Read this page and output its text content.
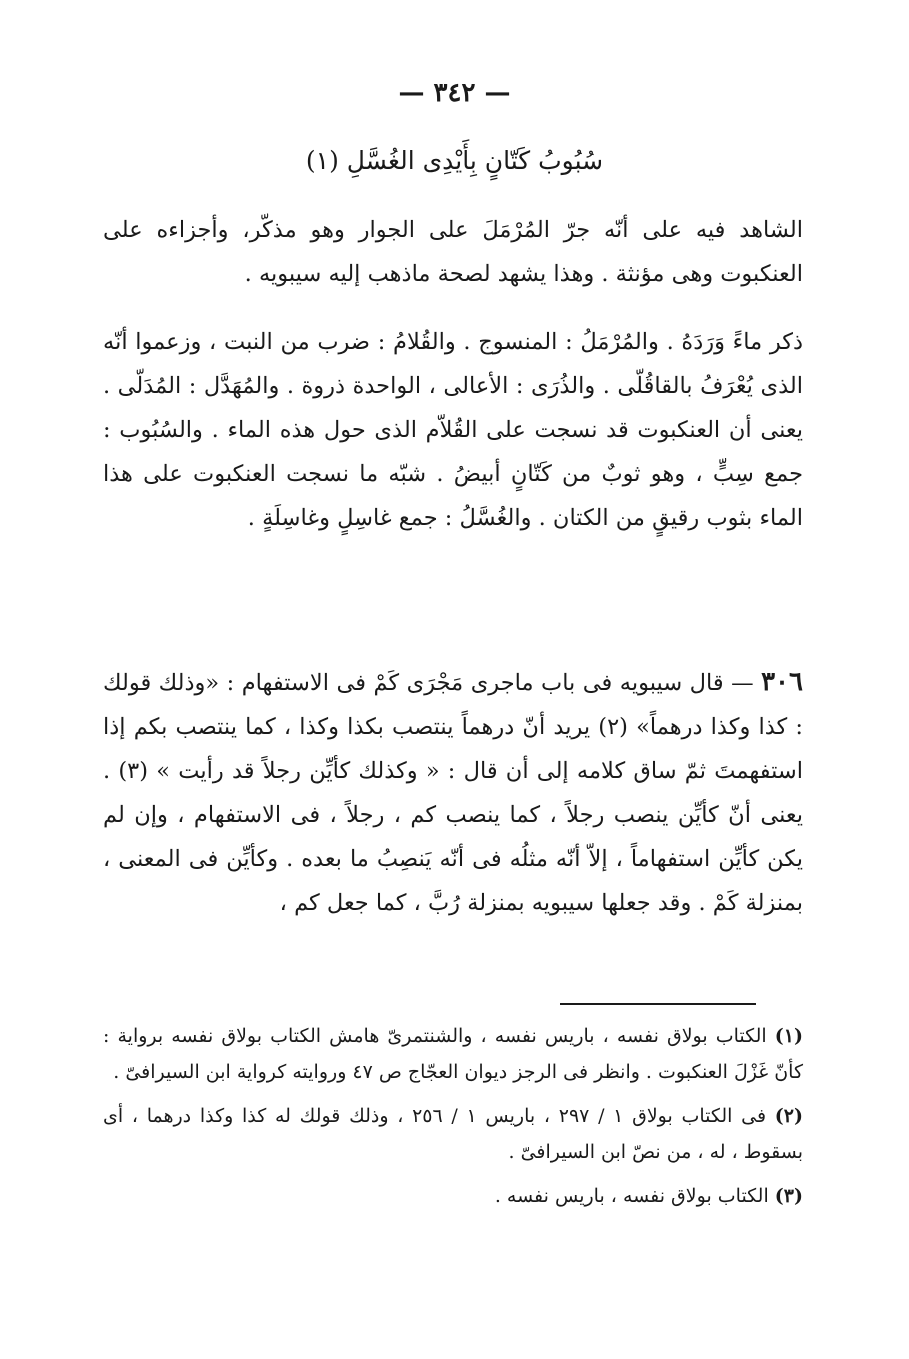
— ٣٤٢ —
سُبُوبُ كَتّانٍ بِأَيْدِى الغُسَّلِ (١)
الشاهد فيه على أنّه جرّ المُرْمَلَ على الجوار وهو مذكّر، وأجزاءه على العنكبوت وهى مؤنثة . وهذا يشهد لصحة ماذهب إليه سيبويه .
ذكر ماءً وَرَدَهُ . والمُرْمَلُ : المنسوج . والقُلامُ : ضرب من النبت ، وزعموا أنّه الذى يُعْرَفُ بالقاقُلّى . والذُرَى : الأعالى ، الواحدة ذروة . والمُهَدَّل : المُدَلّى . يعنى أن العنكبوت قد نسجت على القُلاّم الذى حول هذه الماء . والسُبُوب : جمع سِبٍّ ، وهو ثوبٌ من كَتّانٍ أبيضُ . شبّه ما نسجت العنكبوت على هذا الماء بثوب رقيقٍ من الكتان . والغُسَّلُ : جمع غاسِلٍ وغاسِلَةٍ .
٣٠٦ — قال سيبويه فى باب ماجرى مَجْرَى كَمْ فى الاستفهام : «وذلك قولك : كذا وكذا درهماً» (٢) يريد أنّ درهماً ينتصب بكذا وكذا ، كما ينتصب بكم إذا استفهمتَ ثمّ ساق كلامه إلى أن قال : « وكذلك كأيِّن رجلاً قد رأيت » (٣) . يعنى أنّ كأيِّن ينصب رجلاً ، كما ينصب كم ، رجلاً ، فى الاستفهام ، وإن لم يكن كأيِّن استفهاماً ، إلاّ أنّه مثلُه فى أنّه يَنصِبُ ما بعده . وكأيِّن فى المعنى ، بمنزلة كَمْ . وقد جعلها سيبويه بمنزلة رُبَّ ، كما جعل كم ،

(١) الكتاب بولاق نفسه ، باريس نفسه ، والشنتمرىّ هامش الكتاب بولاق نفسه برواية : كأنّ غَزْلَ العنكبوت . وانظر فى الرجز ديوان العجّاج ص ٤٧ وروايته كرواية ابن السيرافىّ .

(٢) فى الكتاب بولاق ١ / ٢٩٧ ، باريس ١ / ٢٥٦ ، وذلك قولك له كذا وكذا درهما ، أى بسقوط ، له ، من نصّ ابن السيرافىّ .

(٣) الكتاب بولاق نفسه ، باريس نفسه .
